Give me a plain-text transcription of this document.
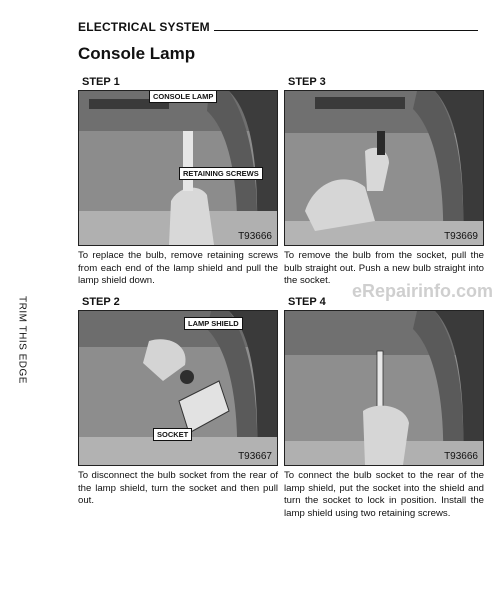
ELECTRICAL SYSTEM
Console Lamp
TRIM THIS EDGE
STEP 1
CONSOLE LAMP
RETAINING SCREWS
T93666
To replace the bulb, remove retaining screws from each end of the lamp shield and pull the lamp shield down.
STEP 3
T93669
To remove the bulb from the socket, pull the bulb straight out. Push a new bulb straight into the socket.
STEP 2
LAMP SHIELD
SOCKET
T93667
To disconnect the bulb socket from the rear of the lamp shield, turn the socket and then pull out.
STEP 4
T93666
To connect the bulb socket to the rear of the lamp shield, put the socket into the shield and turn the socket to lock in position. Install the lamp shield using two retaining screws.
eRepairinfo.com
